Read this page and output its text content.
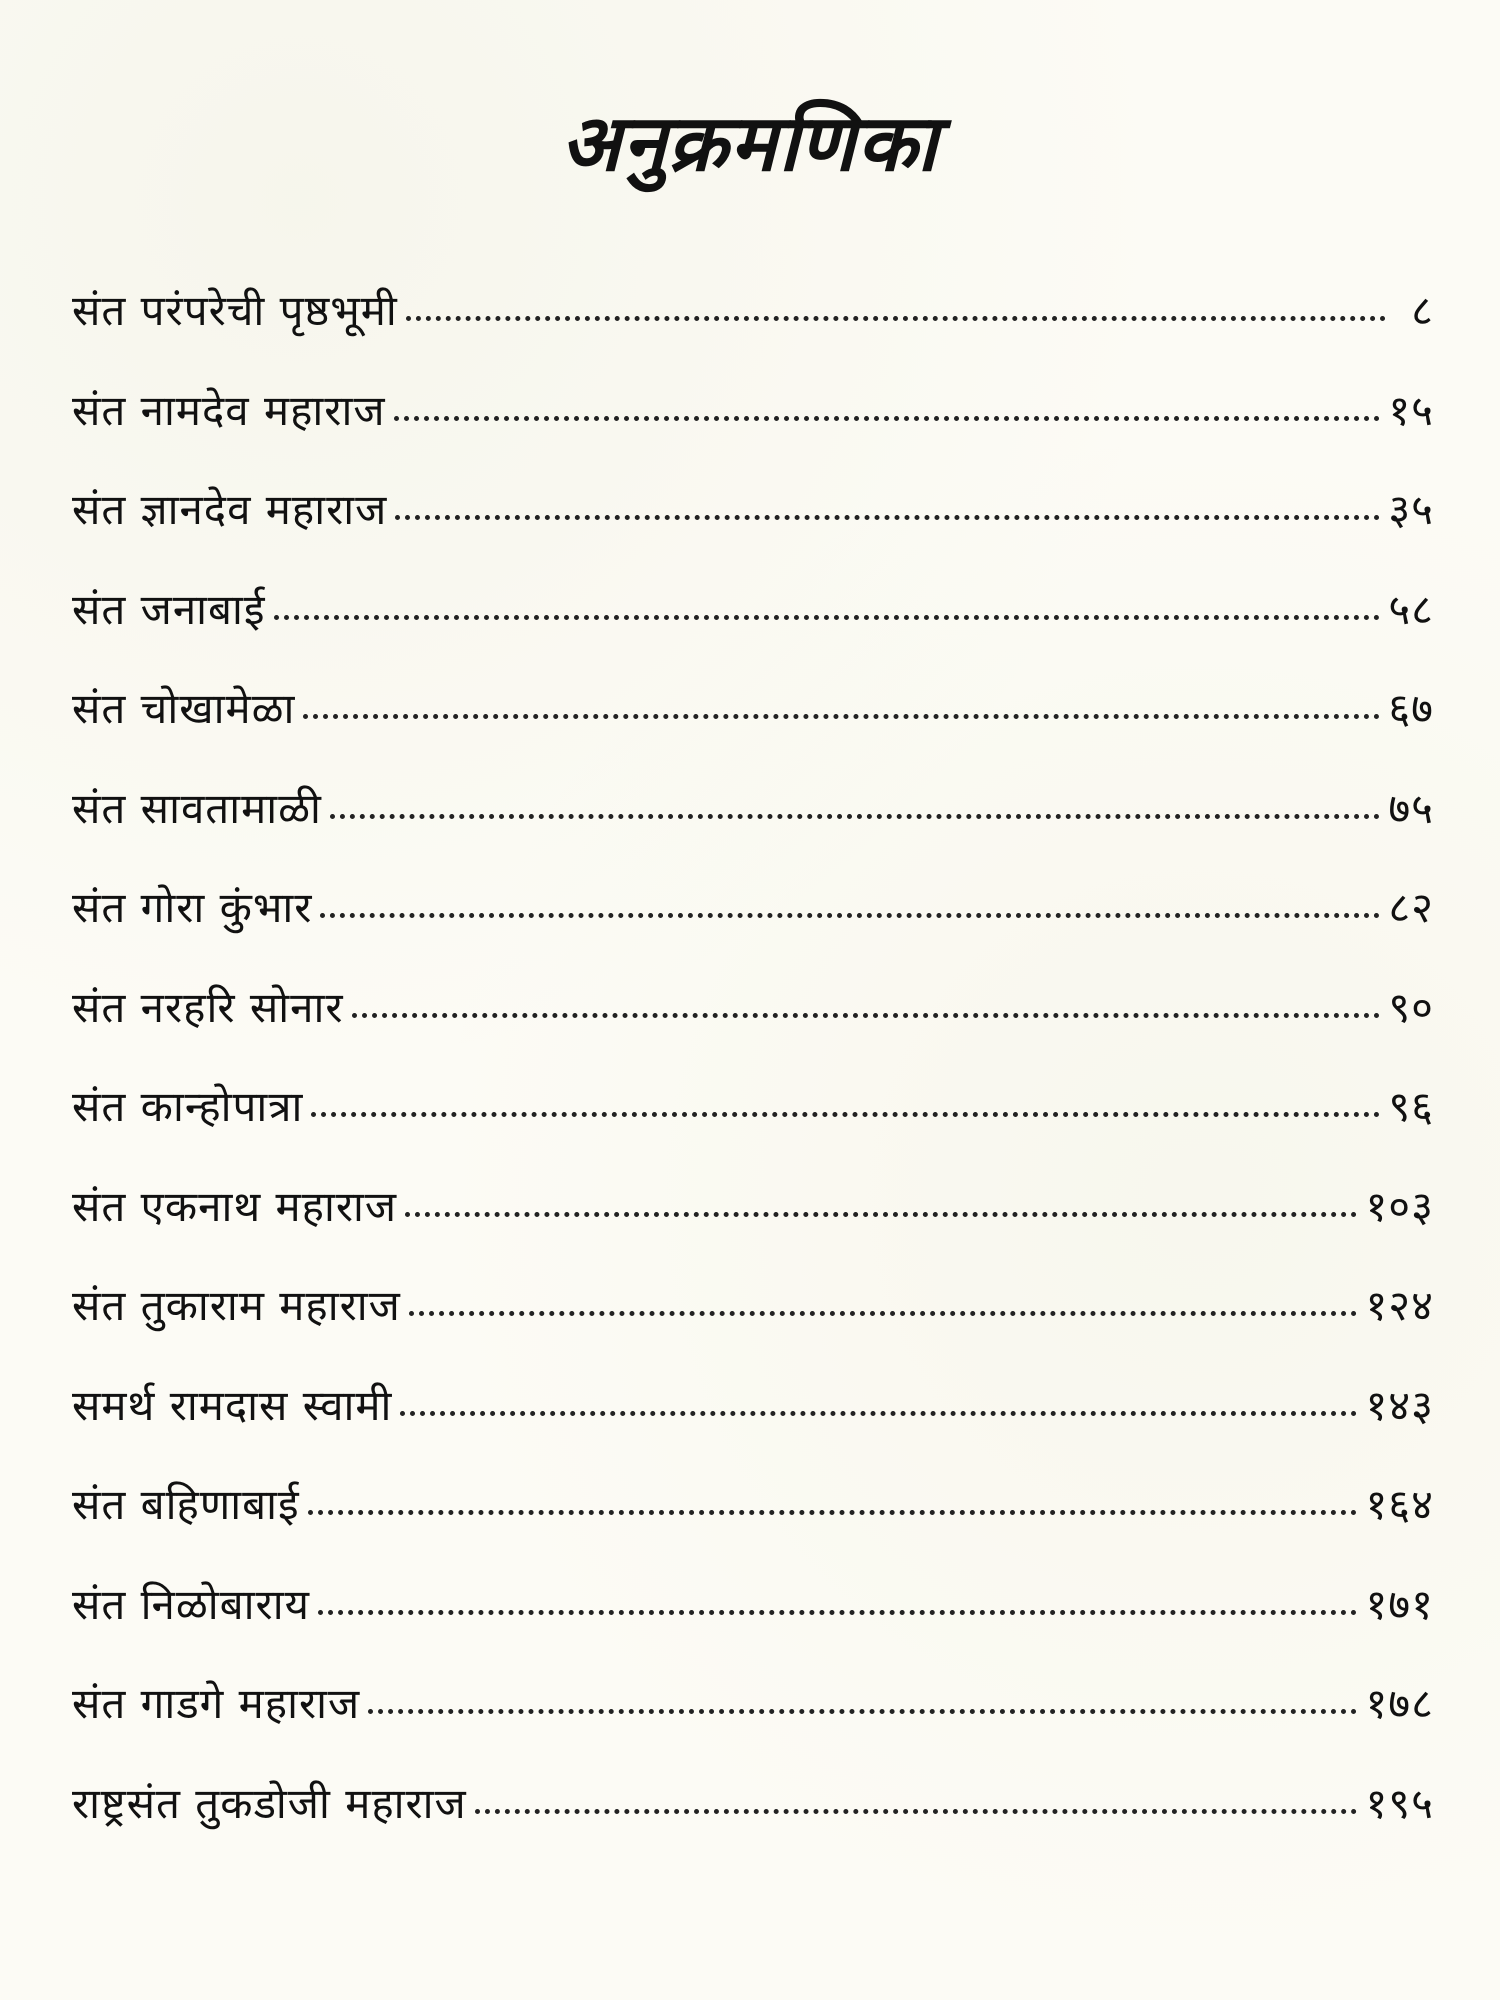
अनुक्रमणिका
संत परंपरेची पृष्ठभूमी	८
संत नामदेव महाराज	१५
संत ज्ञानदेव महाराज	३५
संत जनाबाई	५८
संत चोखामेळा	६७
संत सावतामाळी	७५
संत गोरा कुंभार	८२
संत नरहरि सोनार	९०
संत कान्होपात्रा	९६
संत एकनाथ महाराज	१०३
संत तुकाराम महाराज	१२४
समर्थ रामदास स्वामी	१४३
संत बहिणाबाई	१६४
संत निळोबाराय	१७१
संत गाडगे महाराज	१७८
राष्ट्रसंत तुकडोजी महाराज	१९५
